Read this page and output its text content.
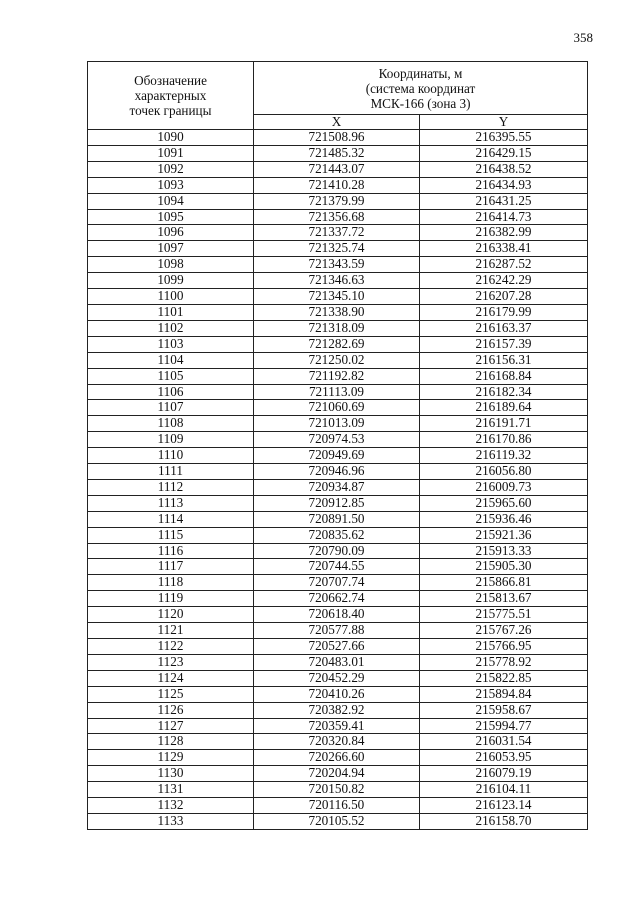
358
Обозначение
характерных
точек границы	Координаты, м
(система координат
МСК-166 (зона 3)	

	X	Y
1090	721508.96	216395.55
1091	721485.32	216429.15
1092	721443.07	216438.52
1093	721410.28	216434.93
1094	721379.99	216431.25
1095	721356.68	216414.73
1096	721337.72	216382.99
1097	721325.74	216338.41
1098	721343.59	216287.52
1099	721346.63	216242.29
1100	721345.10	216207.28
1101	721338.90	216179.99
1102	721318.09	216163.37
1103	721282.69	216157.39
1104	721250.02	216156.31
1105	721192.82	216168.84
1106	721113.09	216182.34
1107	721060.69	216189.64
1108	721013.09	216191.71
1109	720974.53	216170.86
1110	720949.69	216119.32
1111	720946.96	216056.80
1112	720934.87	216009.73
1113	720912.85	215965.60
1114	720891.50	215936.46
1115	720835.62	215921.36
1116	720790.09	215913.33
1117	720744.55	215905.30
1118	720707.74	215866.81
1119	720662.74	215813.67
1120	720618.40	215775.51
1121	720577.88	215767.26
1122	720527.66	215766.95
1123	720483.01	215778.92
1124	720452.29	215822.85
1125	720410.26	215894.84
1126	720382.92	215958.67
1127	720359.41	215994.77
1128	720320.84	216031.54
1129	720266.60	216053.95
1130	720204.94	216079.19
1131	720150.82	216104.11
1132	720116.50	216123.14
1133	720105.52	216158.70
